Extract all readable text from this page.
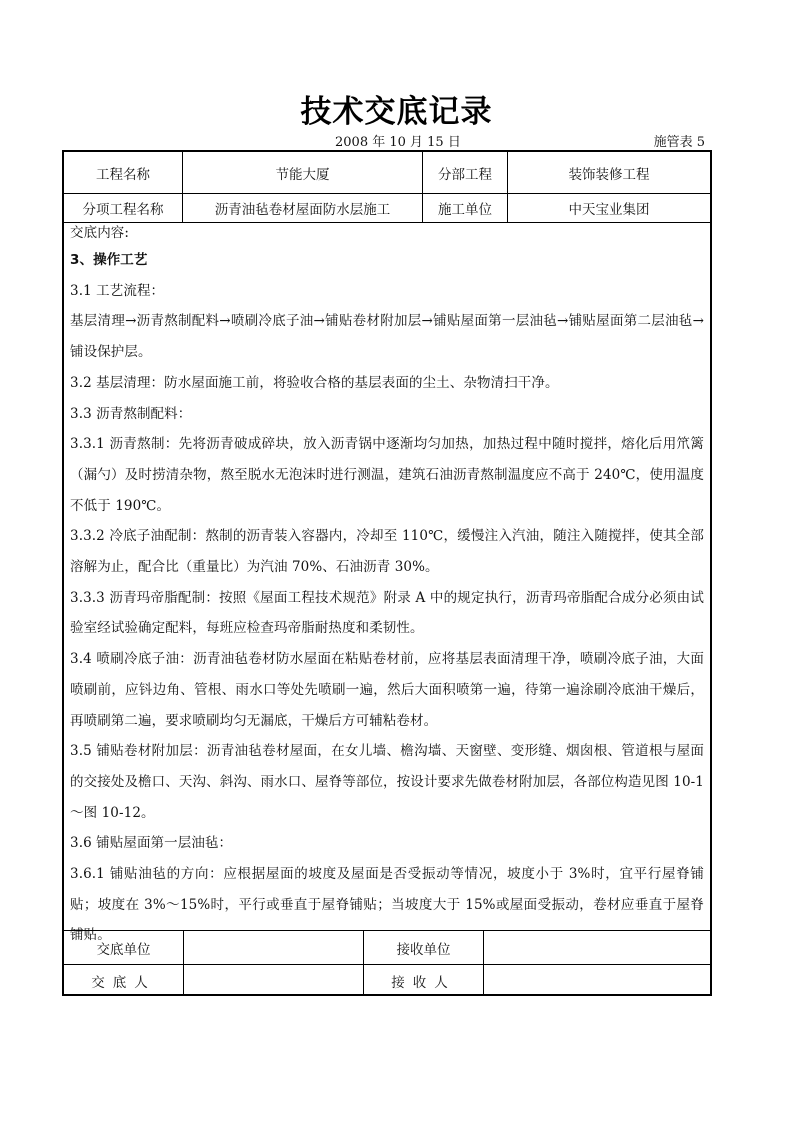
技术交底记录
2008 年 10 月 15 日	施管表 5
工程名称	节能大厦	分部工程	装饰装修工程
分项工程名称	沥青油毡卷材屋面防水层施工	施工单位	中天宝业集团

交底内容:

3、操作工艺

3.1 工艺流程：

基层清理→沥青熬制配料→喷刷冷底子油→铺贴卷材附加层→铺贴屋面第一层油毡→铺贴屋面第二层油毡→铺设保护层。

3.2 基层清理：防水屋面施工前，将验收合格的基层表面的尘土、杂物清扫干净。

3.3 沥青熬制配料：

3.3.1 沥青熬制：先将沥青破成碎块，放入沥青锅中逐渐均匀加热，加热过程中随时搅拌，熔化后用笊篱（漏勺）及时捞清杂物，熬至脱水无泡沫时进行测温，建筑石油沥青熬制温度应不高于 240℃，使用温度不低于 190℃。

3.3.2 冷底子油配制：熬制的沥青装入容器内，冷却至 110℃，缓慢注入汽油，随注入随搅拌，使其全部溶解为止，配合比（重量比）为汽油 70%、石油沥青 30%。

3.3.3 沥青玛帝脂配制：按照《屋面工程技术规范》附录 A 中的规定执行，沥青玛帝脂配合成分必须由试验室经试验确定配料，每班应检查玛帝脂耐热度和柔韧性。

3.4 喷刷冷底子油：沥青油毡卷材防水屋面在粘贴卷材前，应将基层表面清理干净，喷刷冷底子油，大面喷刷前，应钭边角、管根、雨水口等处先喷刷一遍，然后大面积喷第一遍，待第一遍涂刷冷底油干燥后，再喷刷第二遍，要求喷刷均匀无漏底，干燥后方可辅粘卷材。

3.5 铺贴卷材附加层：沥青油毡卷材屋面，在女儿墙、檐沟墙、天窗壁、变形缝、烟囱根、管道根与屋面的交接处及檐口、天沟、斜沟、雨水口、屋脊等部位，按设计要求先做卷材附加层，各部位构造见图 10-1～图 10-12。

3.6 铺贴屋面第一层油毡：

3.6.1 铺贴油毡的方向：应根据屋面的坡度及屋面是否受振动等情况，坡度小于 3%时，宜平行屋脊铺贴；坡度在 3%～15%时，平行或垂直于屋脊铺贴；当坡度大于 15%或屋面受振动，卷材应垂直于屋脊铺贴。

交底单位	接收单位
交底人	接收人
